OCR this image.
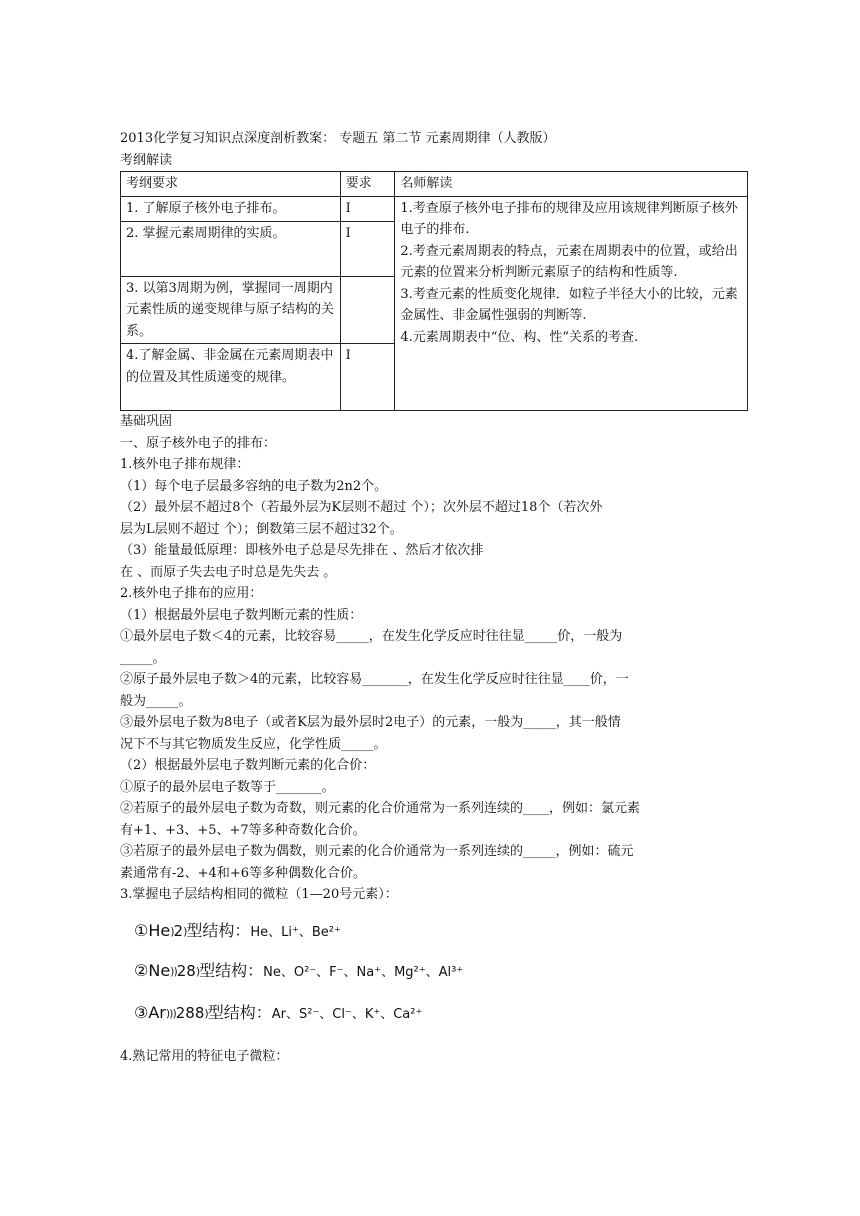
2013化学复习知识点深度剖析教案： 专题五 第二节 元素周期律（人教版）
考纲解读
考纲要求	要求	名师解读
1. 了解原子核外电子排布。	Ⅰ	1.考查原子核外电子排布的规律及应用该规律判断原子核外电子的排布.
2.考查元素周期表的特点，元素在周期表中的位置，或给出元素的位置来分析判断元素原子的结构和性质等.
3.考查元素的性质变化规律．如粒子半径大小的比较，元素金属性、非金属性强弱的判断等.
4.元素周期表中“位、构、性”关系的考查.

2. 掌握元素周期律的实质。	Ⅰ	
3. 以第3周期为例，掌握同一周期内元素性质的递变规律与原子结构的关系。		
4.了解金属、非金属在元素周期表中的位置及其性质递变的规律。	Ⅰ	
基础巩固
一、原子核外电子的排布：
1.核外电子排布规律：
（1）每个电子层最多容纳的电子数为2n2个。
（2）最外层不超过8个（若最外层为K层则不超过 个）；次外层不超过18个（若次外
层为L层则不超过 个）；倒数第三层不超过32个。
（3）能量最低原理：即核外电子总是尽先排在 、然后才依次排
在 、而原子失去电子时总是先失去 。
2.核外电子排布的应用：
（1）根据最外层电子数判断元素的性质：
①最外层电子数＜4的元素，比较容易_____，在发生化学反应时往往显_____价，一般为
_____。
②原子最外层电子数＞4的元素，比较容易_______，在发生化学反应时往往显____价，一
般为_____。
③最外层电子数为8电子（或者K层为最外层时2电子）的元素，一般为_____，其一般情
况下不与其它物质发生反应，化学性质_____。
（2）根据最外层电子数判断元素的化合价：
①原子的最外层电子数等于_______。
②若原子的最外层电子数为奇数，则元素的化合价通常为一系列连续的____，例如：氯元素
有+1、+3、+5、+7等多种奇数化合价。
③若原子的最外层电子数为偶数，则元素的化合价通常为一系列连续的_____，例如：硫元
素通常有-2、+4和+6等多种偶数化合价。
3.掌握电子层结构相同的微粒（1—20号元素）：
①He)2)型结构：He、Li⁺、Be²⁺
②Ne))28)型结构：Ne、O²⁻、F⁻、Na⁺、Mg²⁺、Al³⁺
③Ar)))288)型结构：Ar、S²⁻、Cl⁻、K⁺、Ca²⁺
4.熟记常用的特征电子微粒：
